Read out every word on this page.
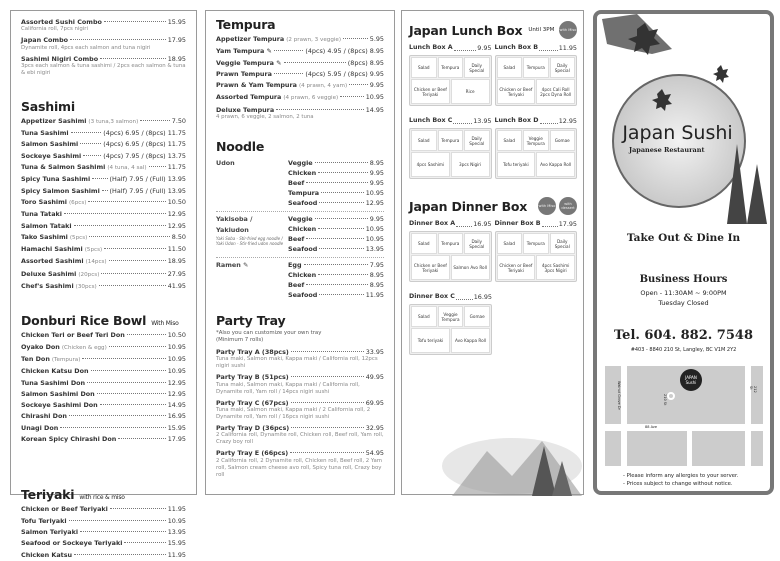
Assorted Sushi Combo	15.95
California roll, 7pcs nigiri
Japan Combo	17.95
Dynamite roll, 4pcs each salmon and tuna nigiri
Sashimi Nigiri Combo	18.95
3pcs each salmon & tuna sashimi / 2pcs each salmon & tuna & ebi nigiri
Sashimi
Appetizer Sashimi (3 tuna,3 salmon)	7.50
Tuna Sashimi	(4pcs) 6.95 / (8pcs) 11.75
Salmon Sashimi	(4pcs) 6.95 / (8pcs) 11.75
Sockeye Sashimi	(4pcs) 7.95 / (8pcs) 13.75
Tuna & Salmon Sashimi (4 tuna, 4 sal)	11.75
Spicy Tuna Sashimi	(Half) 7.95 / (Full) 13.95
Spicy Salmon Sashimi (Half) 7.95 / (Full) 13.95
Toro Sashimi (6pcs)	10.50
Tuna Tataki	12.95
Salmon Tataki	12.95
Tako Sashimi (5pcs)	8.50
Hamachi Sashimi (5pcs)	11.50
Assorted Sashimi (14pcs)	18.95
Deluxe Sashimi (20pcs)	27.95
Chef's Sashimi (30pcs)	41.95
Donburi Rice Bowl With Miso
Chicken Teri or Beef Teri Don	10.50
Oyako Don (Chicken & egg)	10.95
Ten Don (Tempura)	10.95
Chicken Katsu Don	10.95
Tuna Sashimi Don	12.95
Salmon Sashimi Don	12.95
Sockeye Sashimi Don	14.95
Chirashi Don	16.95
Unagi Don	15.95
Korean Spicy Chirashi Don	17.95
Teriyaki with rice & miso
Chicken or Beef Teriyaki	11.95
Tofu Teriyaki	10.95
Salmon Teriyaki	13.95
Seafood or Sockeye Teriyaki	15.95
Chicken Katsu	11.95
Tempura
Appetizer Tempura (2 prawn, 3 veggie)	5.95
Yam Tempura ✎	(4pcs) 4.95 / (8pcs) 8.95
Veggie Tempura ✎	(8pcs) 8.95
Prawn Tempura	(4pcs) 5.95 / (8pcs) 9.95
Prawn & Yam Tempura (4 prawn, 4 yam)	9.95
Assorted Tempura (4 prawn, 6 veggie)	10.95
Deluxe Tempura	14.95
4 prawn, 6 veggie, 2 salmon, 2 tuna
Noodle
Udon	Veggie	8.95
Chicken	9.95
Beef	9.95
Tempura	10.95
Seafood	12.95
Yakisoba / Yakiudon
Yaki Soba - Stir-fried egg noodle / Yaki Udon - Stir-fried udon noodle
Veggie	9.95
Chicken	10.95
Beef	10.95
Seafood	13.95
Ramen ✎	Egg	7.95
Chicken	8.95
Beef	8.95
Seafood	11.95
Party Tray
*Also you can customize your own tray (Minimum 7 rolls)
Party Tray A (38pcs)	33.95
Tuna maki, Salmon maki, Kappa maki / California roll, 12pcs nigiri sushi
Party Tray B (51pcs)	49.95
Tuna maki, Salmon maki, Kappa maki / California roll, Dynamite roll, Yam roll / 14pcs nigiri sushi
Party Tray C (67pcs)	69.95
Tuna maki, Salmon maki, Kappa maki / 2 California roll, 2 Dynamite roll, Yam roll / 16pcs nigiri sushi
Party Tray D (36pcs)	32.95
2 California roll, Dynamite roll, Chicken roll, Beef roll, Yam roll, Crazy boy roll
Party Tray E (66pcs)	54.95
2 California roll, 2 Dynamite roll, Chicken roll, Beef roll, 2 Yam roll, Salmon cream cheese avo roll, Spicy tuna roll, Crazy boy roll
Japan Lunch Box Until 3PM with Miso
Lunch Box A	9.95
Salad	Tempura	Daily Special
Chicken or Beef Teriyaki	Rice
Lunch Box B	11.95
Salad	Tempura	Daily Special
Chicken or Beef Teriyaki
4pcs Cali Roll 2pcs Dyna Roll
Lunch Box C	13.95
Salad	Tempura	Daily Special
4pcs Sashimi	3pcs Nigiri
Lunch Box D	12.95
Salad	Veggie Tempura	Gomae
Tofu teriyaki	Avo Kappa Roll
Japan Dinner Box	with Miso	with dessert
Dinner Box A	16.95
Salad	Tempura	Daily Special
Chicken or Beef Teriyaki	Salmon Avo Roll
Dinner Box B	17.95
Salad	Tempura	Daily Special
Chicken or Beef Teriyaki
4pcs Sashimi 3pcs Nigiri
Dinner Box C	16.95
Salad	Veggie Tempura	Gomae
Tofu teriyaki	Avo Kappa Roll
Japan Sushi
Japanese Restaurant
Take Out & Dine In
Business Hours
Open - 11:30AM ~ 9:00PM
Tuesday Closed
Tel. 604. 882. 7548
#403 - 8840 210 St, Langley, BC V1M 2Y2
Walnut Grove Dr	210 St
212 St
88 Ave
JAPAN Sushi
- Please inform any allergies to your server.
- Prices subject to change without notice.
